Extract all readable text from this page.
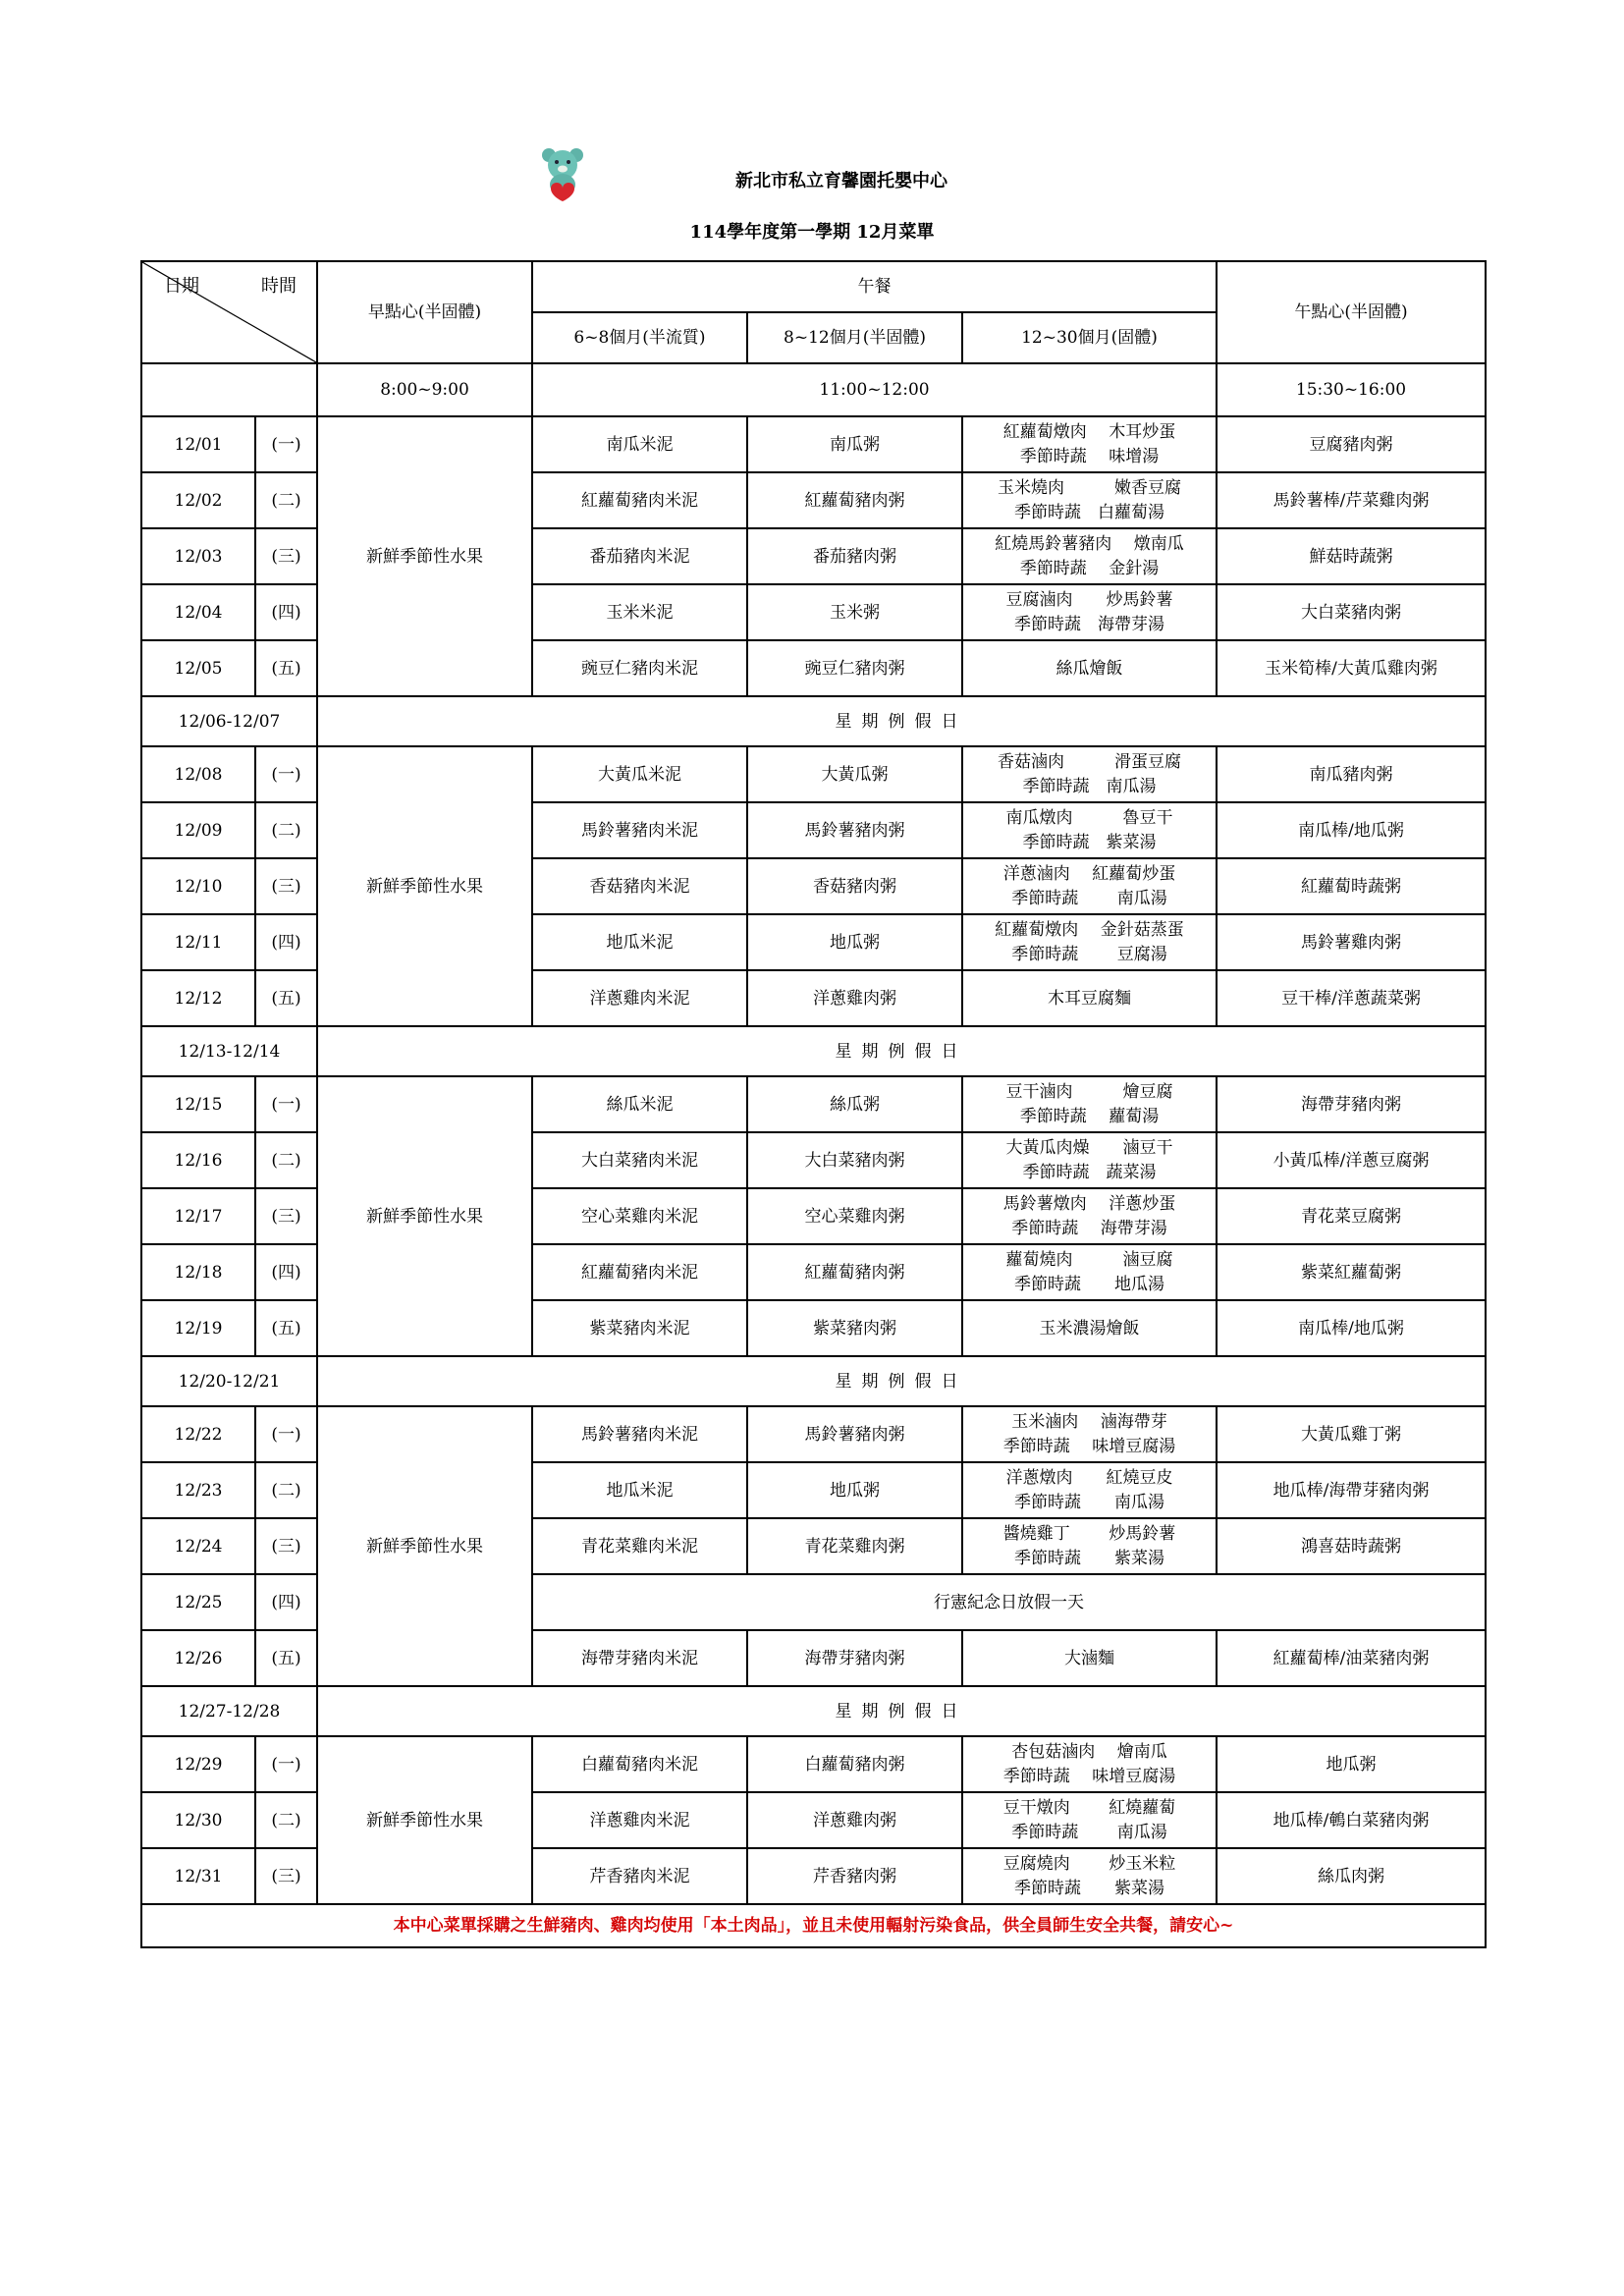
新北市私立育馨園托嬰中心
114學年度第一學期 12月菜單
日期 時間		早點心(半固體)	午餐			午點心(半固體)
			6~8個月(半流質)	8~12個月(半固體)	12~30個月(固體)	
		8:00~9:00	11:00~12:00			15:30~16:00
12/01	(一)	新鮮季節性水果	南瓜米泥	南瓜粥	紅蘿蔔燉肉　 木耳炒蛋
季節時蔬　 味增湯	豆腐豬肉粥
12/02	(二)		紅蘿蔔豬肉米泥	紅蘿蔔豬肉粥	玉米燒肉　　　嫩香豆腐
季節時蔬　白蘿蔔湯	馬鈴薯棒/芹菜雞肉粥
12/03	(三)		番茄豬肉米泥	番茄豬肉粥	紅燒馬鈴薯豬肉　 燉南瓜
季節時蔬　 金針湯	鮮菇時蔬粥
12/04	(四)		玉米米泥	玉米粥	豆腐滷肉　　炒馬鈴薯
季節時蔬　海帶芽湯	大白菜豬肉粥
12/05	(五)		豌豆仁豬肉米泥	豌豆仁豬肉粥	絲瓜燴飯	玉米筍棒/大黃瓜雞肉粥
12/06-12/07		星期例假日				
12/08	(一)	新鮮季節性水果	大黃瓜米泥	大黃瓜粥	香菇滷肉　　　滑蛋豆腐
季節時蔬　南瓜湯	南瓜豬肉粥
12/09	(二)		馬鈴薯豬肉米泥	馬鈴薯豬肉粥	南瓜燉肉　　　魯豆干
季節時蔬　紫菜湯	南瓜棒/地瓜粥
12/10	(三)		香菇豬肉米泥	香菇豬肉粥	洋蔥滷肉　 紅蘿蔔炒蛋
季節時蔬　　 南瓜湯	紅蘿蔔時蔬粥
12/11	(四)		地瓜米泥	地瓜粥	紅蘿蔔燉肉　 金針菇蒸蛋
季節時蔬　　 豆腐湯	馬鈴薯雞肉粥
12/12	(五)		洋蔥雞肉米泥	洋蔥雞肉粥	木耳豆腐麵	豆干棒/洋蔥蔬菜粥
12/13-12/14		星期例假日				
12/15	(一)	新鮮季節性水果	絲瓜米泥	絲瓜粥	豆干滷肉　　　燴豆腐
季節時蔬　 蘿蔔湯	海帶芽豬肉粥
12/16	(二)		大白菜豬肉米泥	大白菜豬肉粥	大黃瓜肉燥　　滷豆干
季節時蔬　蔬菜湯	小黃瓜棒/洋蔥豆腐粥
12/17	(三)		空心菜雞肉米泥	空心菜雞肉粥	馬鈴薯燉肉　 洋蔥炒蛋
季節時蔬　 海帶芽湯	青花菜豆腐粥
12/18	(四)		紅蘿蔔豬肉米泥	紅蘿蔔豬肉粥	蘿蔔燒肉　　　滷豆腐
季節時蔬　　地瓜湯	紫菜紅蘿蔔粥
12/19	(五)		紫菜豬肉米泥	紫菜豬肉粥	玉米濃湯燴飯	南瓜棒/地瓜粥
12/20-12/21		星期例假日				
12/22	(一)	新鮮季節性水果	馬鈴薯豬肉米泥	馬鈴薯豬肉粥	玉米滷肉　 滷海帶芽
季節時蔬　 味增豆腐湯	大黃瓜雞丁粥
12/23	(二)		地瓜米泥	地瓜粥	洋蔥燉肉　　紅燒豆皮
季節時蔬　　南瓜湯	地瓜棒/海帶芽豬肉粥
12/24	(三)		青花菜雞肉米泥	青花菜雞肉粥	醬燒雞丁　　 炒馬鈴薯
季節時蔬　　紫菜湯	鴻喜菇時蔬粥
12/25	(四)		行憲紀念日放假一天			
12/26	(五)		海帶芽豬肉米泥	海帶芽豬肉粥	大滷麵	紅蘿蔔棒/油菜豬肉粥
12/27-12/28		星期例假日				
12/29	(一)	新鮮季節性水果	白蘿蔔豬肉米泥	白蘿蔔豬肉粥	杏包菇滷肉　 燴南瓜
季節時蔬　 味增豆腐湯	地瓜粥
12/30	(二)		洋蔥雞肉米泥	洋蔥雞肉粥	豆干燉肉　　 紅燒蘿蔔
季節時蔬　　 南瓜湯	地瓜棒/鵪白菜豬肉粥
12/31	(三)		芹香豬肉米泥	芹香豬肉粥	豆腐燒肉　　 炒玉米粒
季節時蔬　　紫菜湯	絲瓜肉粥
本中心菜單採購之生鮮豬肉、雞肉均使用「本土肉品」，並且未使用輻射污染食品，供全員師生安全共餐，請安心~						
